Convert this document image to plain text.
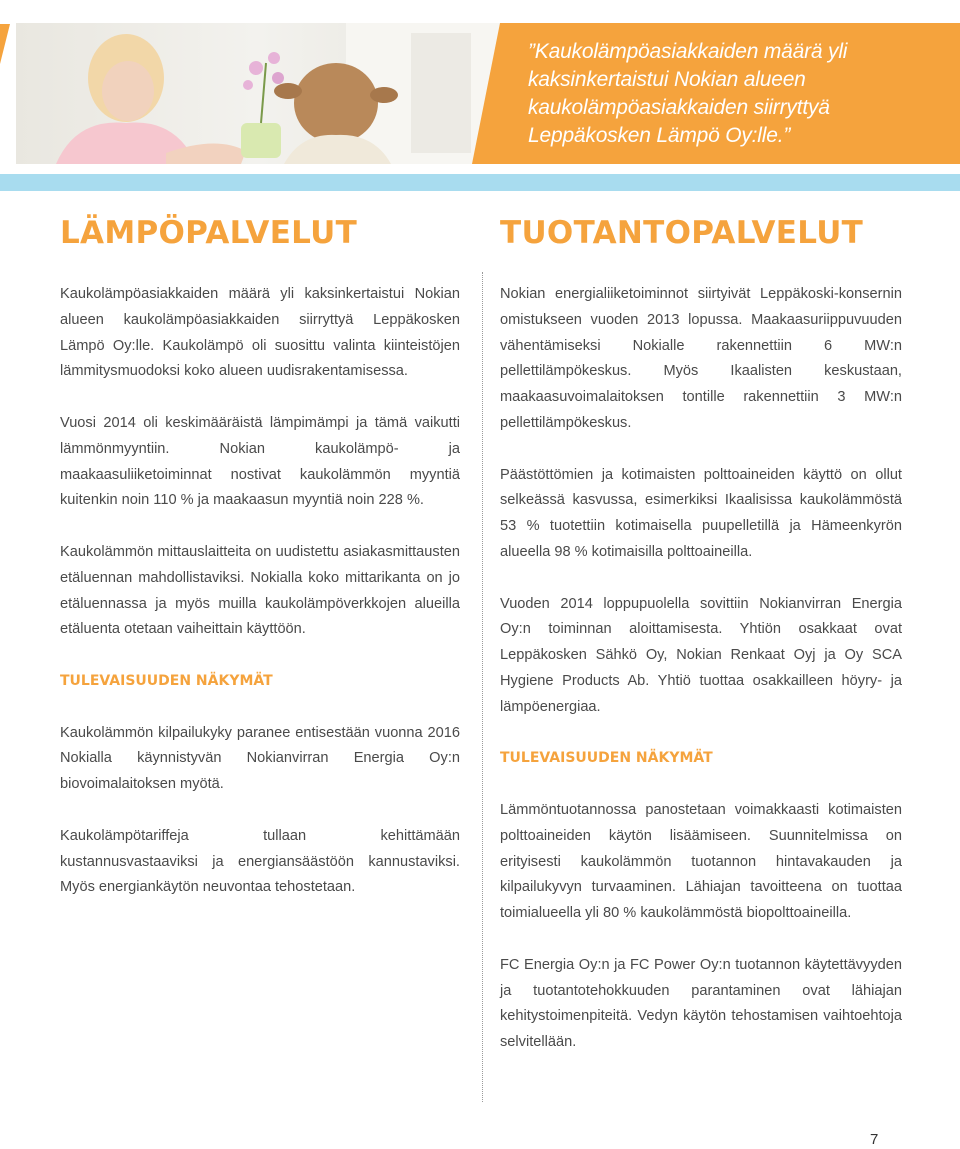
”Kaukolämpöasiakkaiden määrä yli kaksinkertaistui Nokian alueen kaukolämpöasiakkaiden siirryttyä Leppäkosken Lämpö Oy:lle.”
LÄMPÖPALVELUT

Kaukolämpöasiakkaiden määrä yli kaksinkertaistui Nokian alueen kaukolämpöasiakkaiden siirryttyä Leppäkosken Lämpö Oy:lle. Kaukolämpö oli suosittu valinta kiinteistöjen lämmitysmuodoksi koko alueen uudisrakentamisessa.

Vuosi 2014 oli keskimääräistä lämpimämpi ja tämä vaikutti lämmönmyyntiin. Nokian kaukolämpö- ja maakaasuliiketoiminnat nostivat kaukolämmön myyntiä kuitenkin noin 110 % ja maakaasun myyntiä noin 228 %.

Kaukolämmön mittauslaitteita on uudistettu asiakasmittausten etäluennan mahdollistaviksi. Nokialla koko mittarikanta on jo etäluennassa ja myös muilla kaukolämpöverkkojen alueilla etäluenta otetaan vaiheittain käyttöön.

TULEVAISUUDEN NÄKYMÄT

Kaukolämmön kilpailukyky paranee entisestään vuonna 2016 Nokialla käynnistyvän Nokianvirran Energia Oy:n biovoimalaitoksen myötä.

Kaukolämpötariffeja tullaan kehittämään kustannusvastaaviksi ja energiansäästöön kannustaviksi. Myös energiankäytön neuvontaa tehostetaan.

TUOTANTOPALVELUT

Nokian energialiiketoiminnot siirtyivät Leppäkoski-konsernin omistukseen vuoden 2013 lopussa. Maakaasuriippuvuuden vähentämiseksi Nokialle rakennettiin 6 MW:n pellettilämpökeskus. Myös Ikaalisten keskustaan, maakaasuvoimalaitoksen tontille rakennettiin 3 MW:n pellettilämpökeskus.

Päästöttömien ja kotimaisten polttoaineiden käyttö on ollut selkeässä kasvussa, esimerkiksi Ikaalisissa kaukolämmöstä 53 % tuotettiin kotimaisella puupelletillä ja Hämeenkyrön alueella 98 % kotimaisilla polttoaineilla.

Vuoden 2014 loppupuolella sovittiin Nokianvirran Energia Oy:n toiminnan aloittamisesta. Yhtiön osakkaat ovat Leppäkosken Sähkö Oy, Nokian Renkaat Oyj ja Oy SCA Hygiene Products Ab. Yhtiö tuottaa osakkailleen höyry- ja lämpöenergiaa.

TULEVAISUUDEN NÄKYMÄT

Lämmöntuotannossa panostetaan voimakkaasti kotimaisten polttoaineiden käytön lisäämiseen. Suunnitelmissa on erityisesti kaukolämmön tuotannon hintavakauden ja kilpailukyvyn turvaaminen. Lähiajan tavoitteena on tuottaa toimialueella yli 80 % kaukolämmöstä biopolttoaineilla.

FC Energia Oy:n ja FC Power Oy:n tuotannon käytettävyyden ja tuotantotehokkuuden parantaminen ovat lähiajan kehitystoimenpiteitä. Vedyn käytön tehostamisen vaihtoehtoja selvitellään.

7
